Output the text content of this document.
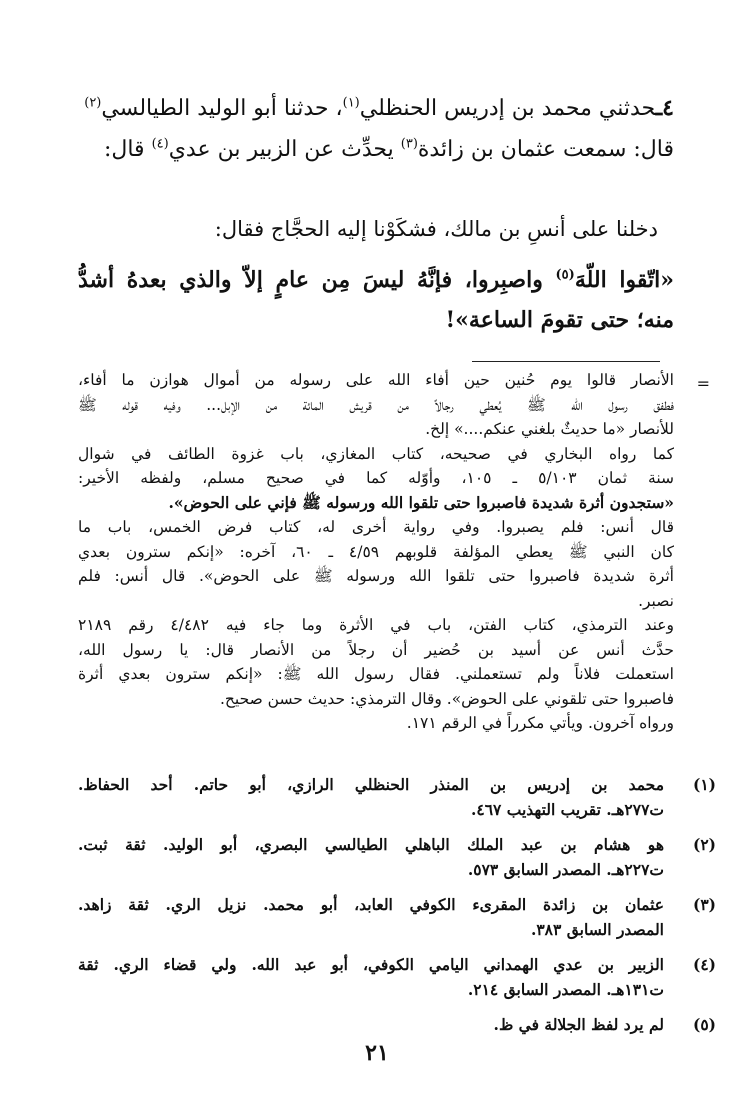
٤ـحدثني محمد بن إدريس الحنظلي$^{(١)}$، حدثنا أبو الوليد الطيالسي$^{(٢)}$
قال: سمعت عثمان بن زائدة$^{(٣)}$ يحدِّث عن الزبير بن عدي$^{(٤)}$ قال:
دخلنا على أنسِ بن مالك، فشكَوْنا إليه الحجَّاج فقال:
«اتّقوا اللّهَ$^{(٥)}$ واصبِروا، فإنَّهُ ليسَ مِن عامٍ إلاّ والذي بعدهُ أشدُّ
منه؛ حتى تقومَ الساعة»!
=
الأنصار قالوا يوم حُنين حين أفاء الله على رسوله من أموال هوازن ما أفاء،
فطفق رسول الله ﷺ يُعطي رجالاً من قريش المائة من الإبل... وفيه قوله ﷺ
للأنصار «ما حديثٌ بلغني عنكم....» إلخ.
كما رواه البخاري في صحيحه، كتاب المغازي، باب غزوة الطائف في شوال
سنة ثمان ٥/١٠٣ ـ ١٠٥، وأوّله كما في صحيح مسلم، ولفظه الأخير:
«ستجدون أثرة شديدة فاصبروا حتى تلقوا الله ورسوله ﷺ فإني على الحوض».
قال أنس: فلم يصبروا. وفي رواية أخرى له، كتاب فرض الخمس، باب ما
كان النبي ﷺ يعطي المؤلفة قلوبهم ٤/٥٩ ـ ٦٠، آخره: «إنكم سترون بعدي
أثرة شديدة فاصبروا حتى تلقوا الله ورسوله ﷺ على الحوض». قال أنس: فلم
نصبر.
وعند الترمذي، كتاب الفتن، باب في الأثرة وما جاء فيه ٤/٤٨٢ رقم ٢١٨٩
حدَّث أنس عن أسيد بن حُضير أن رجلاً من الأنصار قال: يا رسول الله،
استعملت فلاناً ولم تستعملني. فقال رسول الله ﷺ: «إنكم سترون بعدي أثرة
فاصبروا حتى تلقوني على الحوض». وقال الترمذي: حديث حسن صحيح.
ورواه آخرون. ويأتي مكرراً في الرقم ١٧١.
(١)
محمد بن إدريس بن المنذر الحنظلي الرازي، أبو حاتم. أحد الحفاظ.
ت٢٧٧هـ. تقريب التهذيب ٤٦٧.
(٢)
هو هشام بن عبد الملك الباهلي الطيالسي البصري، أبو الوليد. ثقة ثبت.
ت٢٢٧هـ. المصدر السابق ٥٧٣.
(٣)
عثمان بن زائدة المقرىء الكوفي العابد، أبو محمد. نزيل الري. ثقة زاهد.
المصدر السابق ٣٨٣.
(٤)
الزبير بن عدي الهمداني اليامي الكوفي، أبو عبد الله. ولي قضاء الري. ثقة
ت١٣١هـ. المصدر السابق ٢١٤.
(٥)
لم يرد لفظ الجلالة في ظ.
٢١
